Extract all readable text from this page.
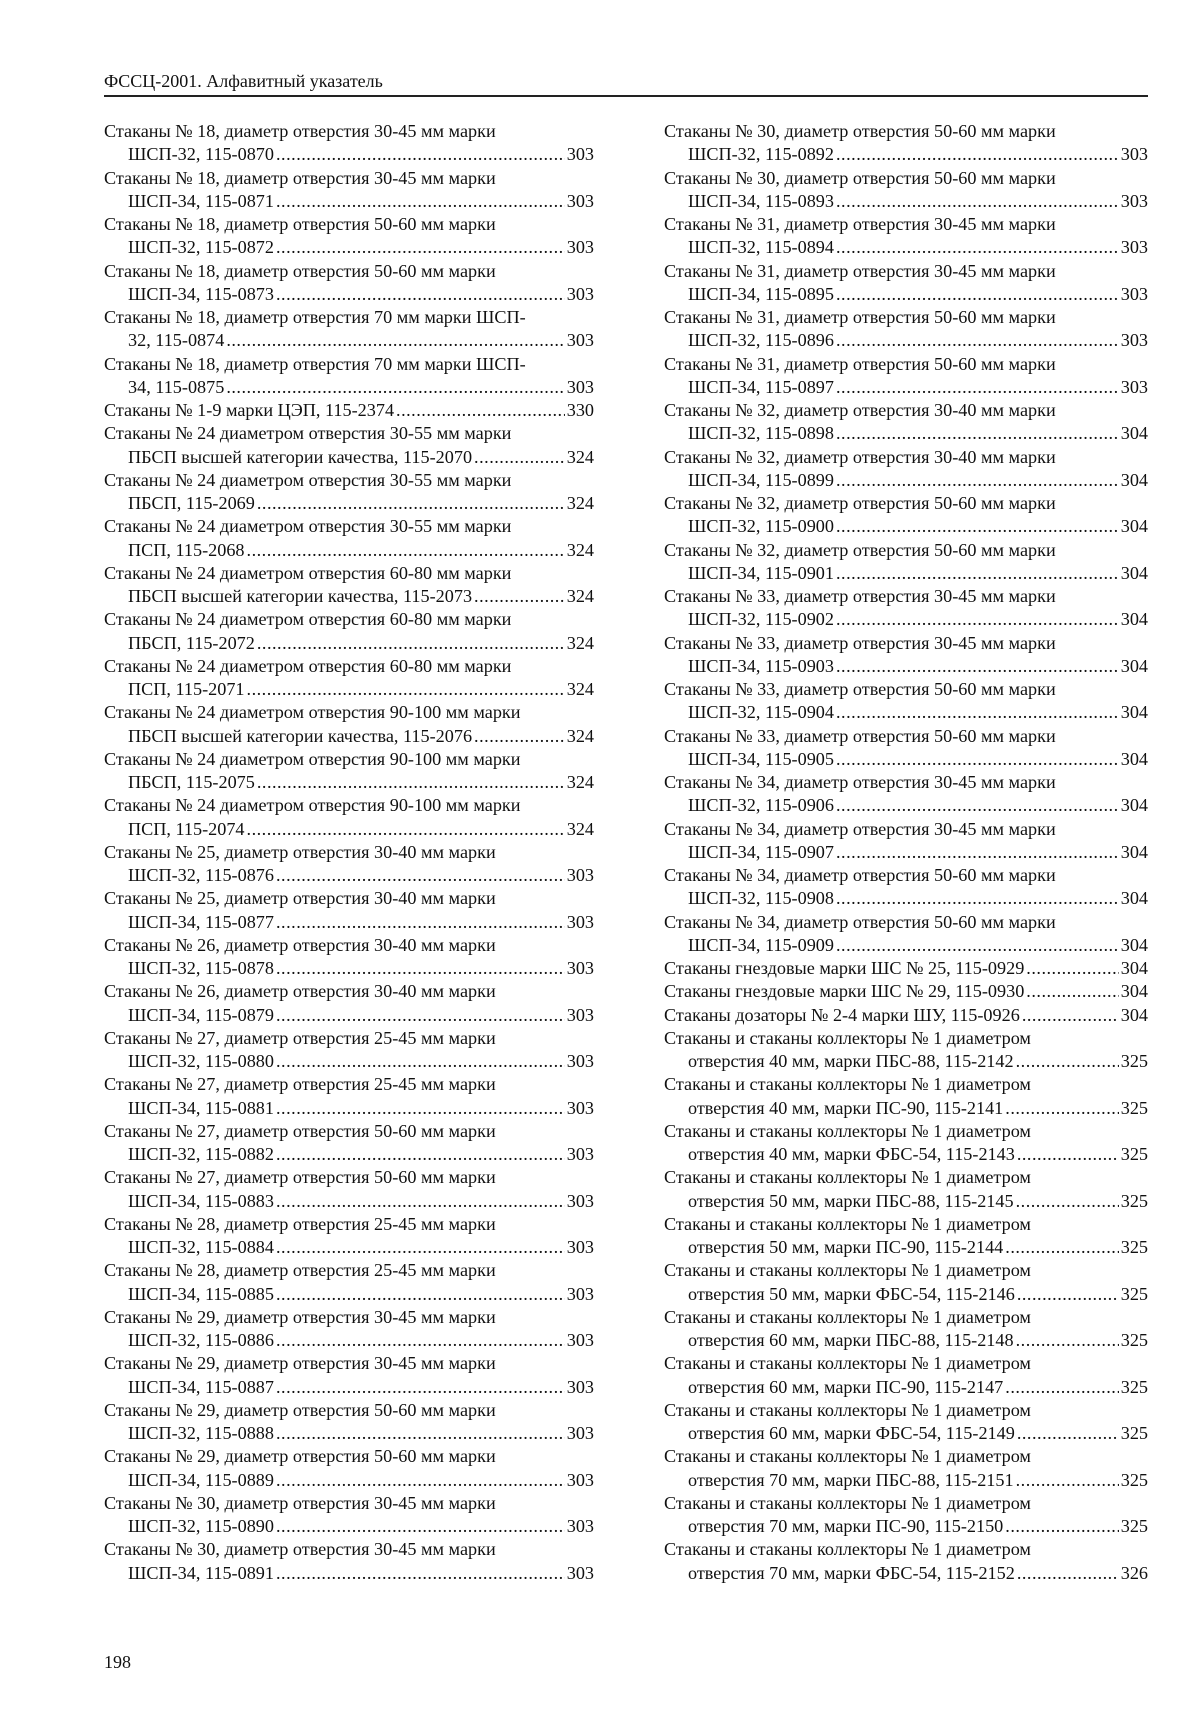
ФССЦ-2001. Алфавитный указатель
Стаканы № 18, диаметр отверстия 30-45 мм марки
ШСП-32, 115-0870 .....	303
Стаканы № 18, диаметр отверстия 30-45 мм марки
ШСП-34, 115-0871 .....	303
Стаканы № 18, диаметр отверстия 50-60 мм марки
ШСП-32, 115-0872 .....	303
Стаканы № 18, диаметр отверстия 50-60 мм марки
ШСП-34, 115-0873 .....	303
Стаканы № 18, диаметр отверстия 70 мм марки ШСП-
32, 115-0874 .....	303
Стаканы № 18, диаметр отверстия 70 мм марки ШСП-
34, 115-0875 .....	303
Стаканы № 1-9 марки ЦЭП, 115-2374 .....	330
Стаканы № 24 диаметром отверстия 30-55 мм марки
ПБСП высшей категории качества, 115-2070 .....	324
Стаканы № 24 диаметром отверстия 30-55 мм марки
ПБСП, 115-2069 .....	324
Стаканы № 24 диаметром отверстия 30-55 мм марки
ПСП, 115-2068 .....	324
Стаканы № 24 диаметром отверстия 60-80 мм марки
ПБСП высшей категории качества, 115-2073 .....	324
Стаканы № 24 диаметром отверстия 60-80 мм марки
ПБСП, 115-2072 .....	324
Стаканы № 24 диаметром отверстия 60-80 мм марки
ПСП, 115-2071 .....	324
Стаканы № 24 диаметром отверстия 90-100 мм марки
ПБСП высшей категории качества, 115-2076 .....	324
Стаканы № 24 диаметром отверстия 90-100 мм марки
ПБСП, 115-2075 .....	324
Стаканы № 24 диаметром отверстия 90-100 мм марки
ПСП, 115-2074 .....	324
Стаканы № 25, диаметр отверстия 30-40 мм марки
ШСП-32, 115-0876 .....	303
Стаканы № 25, диаметр отверстия 30-40 мм марки
ШСП-34, 115-0877 .....	303
Стаканы № 26, диаметр отверстия 30-40 мм марки
ШСП-32, 115-0878 .....	303
Стаканы № 26, диаметр отверстия 30-40 мм марки
ШСП-34, 115-0879 .....	303
Стаканы № 27, диаметр отверстия 25-45 мм марки
ШСП-32, 115-0880 .....	303
Стаканы № 27, диаметр отверстия 25-45 мм марки
ШСП-34, 115-0881 .....	303
Стаканы № 27, диаметр отверстия 50-60 мм марки
ШСП-32, 115-0882 .....	303
Стаканы № 27, диаметр отверстия 50-60 мм марки
ШСП-34, 115-0883 .....	303
Стаканы № 28, диаметр отверстия 25-45 мм марки
ШСП-32, 115-0884 .....	303
Стаканы № 28, диаметр отверстия 25-45 мм марки
ШСП-34, 115-0885 .....	303
Стаканы № 29, диаметр отверстия 30-45 мм марки
ШСП-32, 115-0886 .....	303
Стаканы № 29, диаметр отверстия 30-45 мм марки
ШСП-34, 115-0887 .....	303
Стаканы № 29, диаметр отверстия 50-60 мм марки
ШСП-32, 115-0888 .....	303
Стаканы № 29, диаметр отверстия 50-60 мм марки
ШСП-34, 115-0889 .....	303
Стаканы № 30, диаметр отверстия 30-45 мм марки
ШСП-32, 115-0890 .....	303
Стаканы № 30, диаметр отверстия 30-45 мм марки
ШСП-34, 115-0891 .....	303
Стаканы № 30, диаметр отверстия 50-60 мм марки
ШСП-32, 115-0892 .....	303
Стаканы № 30, диаметр отверстия 50-60 мм марки
ШСП-34, 115-0893 .....	303
Стаканы № 31, диаметр отверстия 30-45 мм марки
ШСП-32, 115-0894 .....	303
Стаканы № 31, диаметр отверстия 30-45 мм марки
ШСП-34, 115-0895 .....	303
Стаканы № 31, диаметр отверстия 50-60 мм марки
ШСП-32, 115-0896 .....	303
Стаканы № 31, диаметр отверстия 50-60 мм марки
ШСП-34, 115-0897 .....	303
Стаканы № 32, диаметр отверстия 30-40 мм марки
ШСП-32, 115-0898 .....	304
Стаканы № 32, диаметр отверстия 30-40 мм марки
ШСП-34, 115-0899 .....	304
Стаканы № 32, диаметр отверстия 50-60 мм марки
ШСП-32, 115-0900 .....	304
Стаканы № 32, диаметр отверстия 50-60 мм марки
ШСП-34, 115-0901 .....	304
Стаканы № 33, диаметр отверстия 30-45 мм марки
ШСП-32, 115-0902 .....	304
Стаканы № 33, диаметр отверстия 30-45 мм марки
ШСП-34, 115-0903 .....	304
Стаканы № 33, диаметр отверстия 50-60 мм марки
ШСП-32, 115-0904 .....	304
Стаканы № 33, диаметр отверстия 50-60 мм марки
ШСП-34, 115-0905 .....	304
Стаканы № 34, диаметр отверстия 30-45 мм марки
ШСП-32, 115-0906 .....	304
Стаканы № 34, диаметр отверстия 30-45 мм марки
ШСП-34, 115-0907 .....	304
Стаканы № 34, диаметр отверстия 50-60 мм марки
ШСП-32, 115-0908 .....	304
Стаканы № 34, диаметр отверстия 50-60 мм марки
ШСП-34, 115-0909 .....	304
Стаканы гнездовые марки ШС № 25, 115-0929 .....	304
Стаканы гнездовые марки ШС № 29, 115-0930 .....	304
Стаканы дозаторы № 2-4 марки ШУ, 115-0926 .....	304
Стаканы и стаканы коллекторы № 1 диаметром
отверстия 40 мм, марки ПБС-88, 115-2142 .....	325
Стаканы и стаканы коллекторы № 1 диаметром
отверстия 40 мм, марки ПС-90, 115-2141 .....	325
Стаканы и стаканы коллекторы № 1 диаметром
отверстия 40 мм, марки ФБС-54, 115-2143 .....	325
Стаканы и стаканы коллекторы № 1 диаметром
отверстия 50 мм, марки ПБС-88, 115-2145 .....	325
Стаканы и стаканы коллекторы № 1 диаметром
отверстия 50 мм, марки ПС-90, 115-2144 .....	325
Стаканы и стаканы коллекторы № 1 диаметром
отверстия 50 мм, марки ФБС-54, 115-2146 .....	325
Стаканы и стаканы коллекторы № 1 диаметром
отверстия 60 мм, марки ПБС-88, 115-2148 .....	325
Стаканы и стаканы коллекторы № 1 диаметром
отверстия 60 мм, марки ПС-90, 115-2147 .....	325
Стаканы и стаканы коллекторы № 1 диаметром
отверстия 60 мм, марки ФБС-54, 115-2149 .....	325
Стаканы и стаканы коллекторы № 1 диаметром
отверстия 70 мм, марки ПБС-88, 115-2151 .....	325
Стаканы и стаканы коллекторы № 1 диаметром
отверстия 70 мм, марки ПС-90, 115-2150 .....	325
Стаканы и стаканы коллекторы № 1 диаметром
отверстия 70 мм, марки ФБС-54, 115-2152 .....	326
198
